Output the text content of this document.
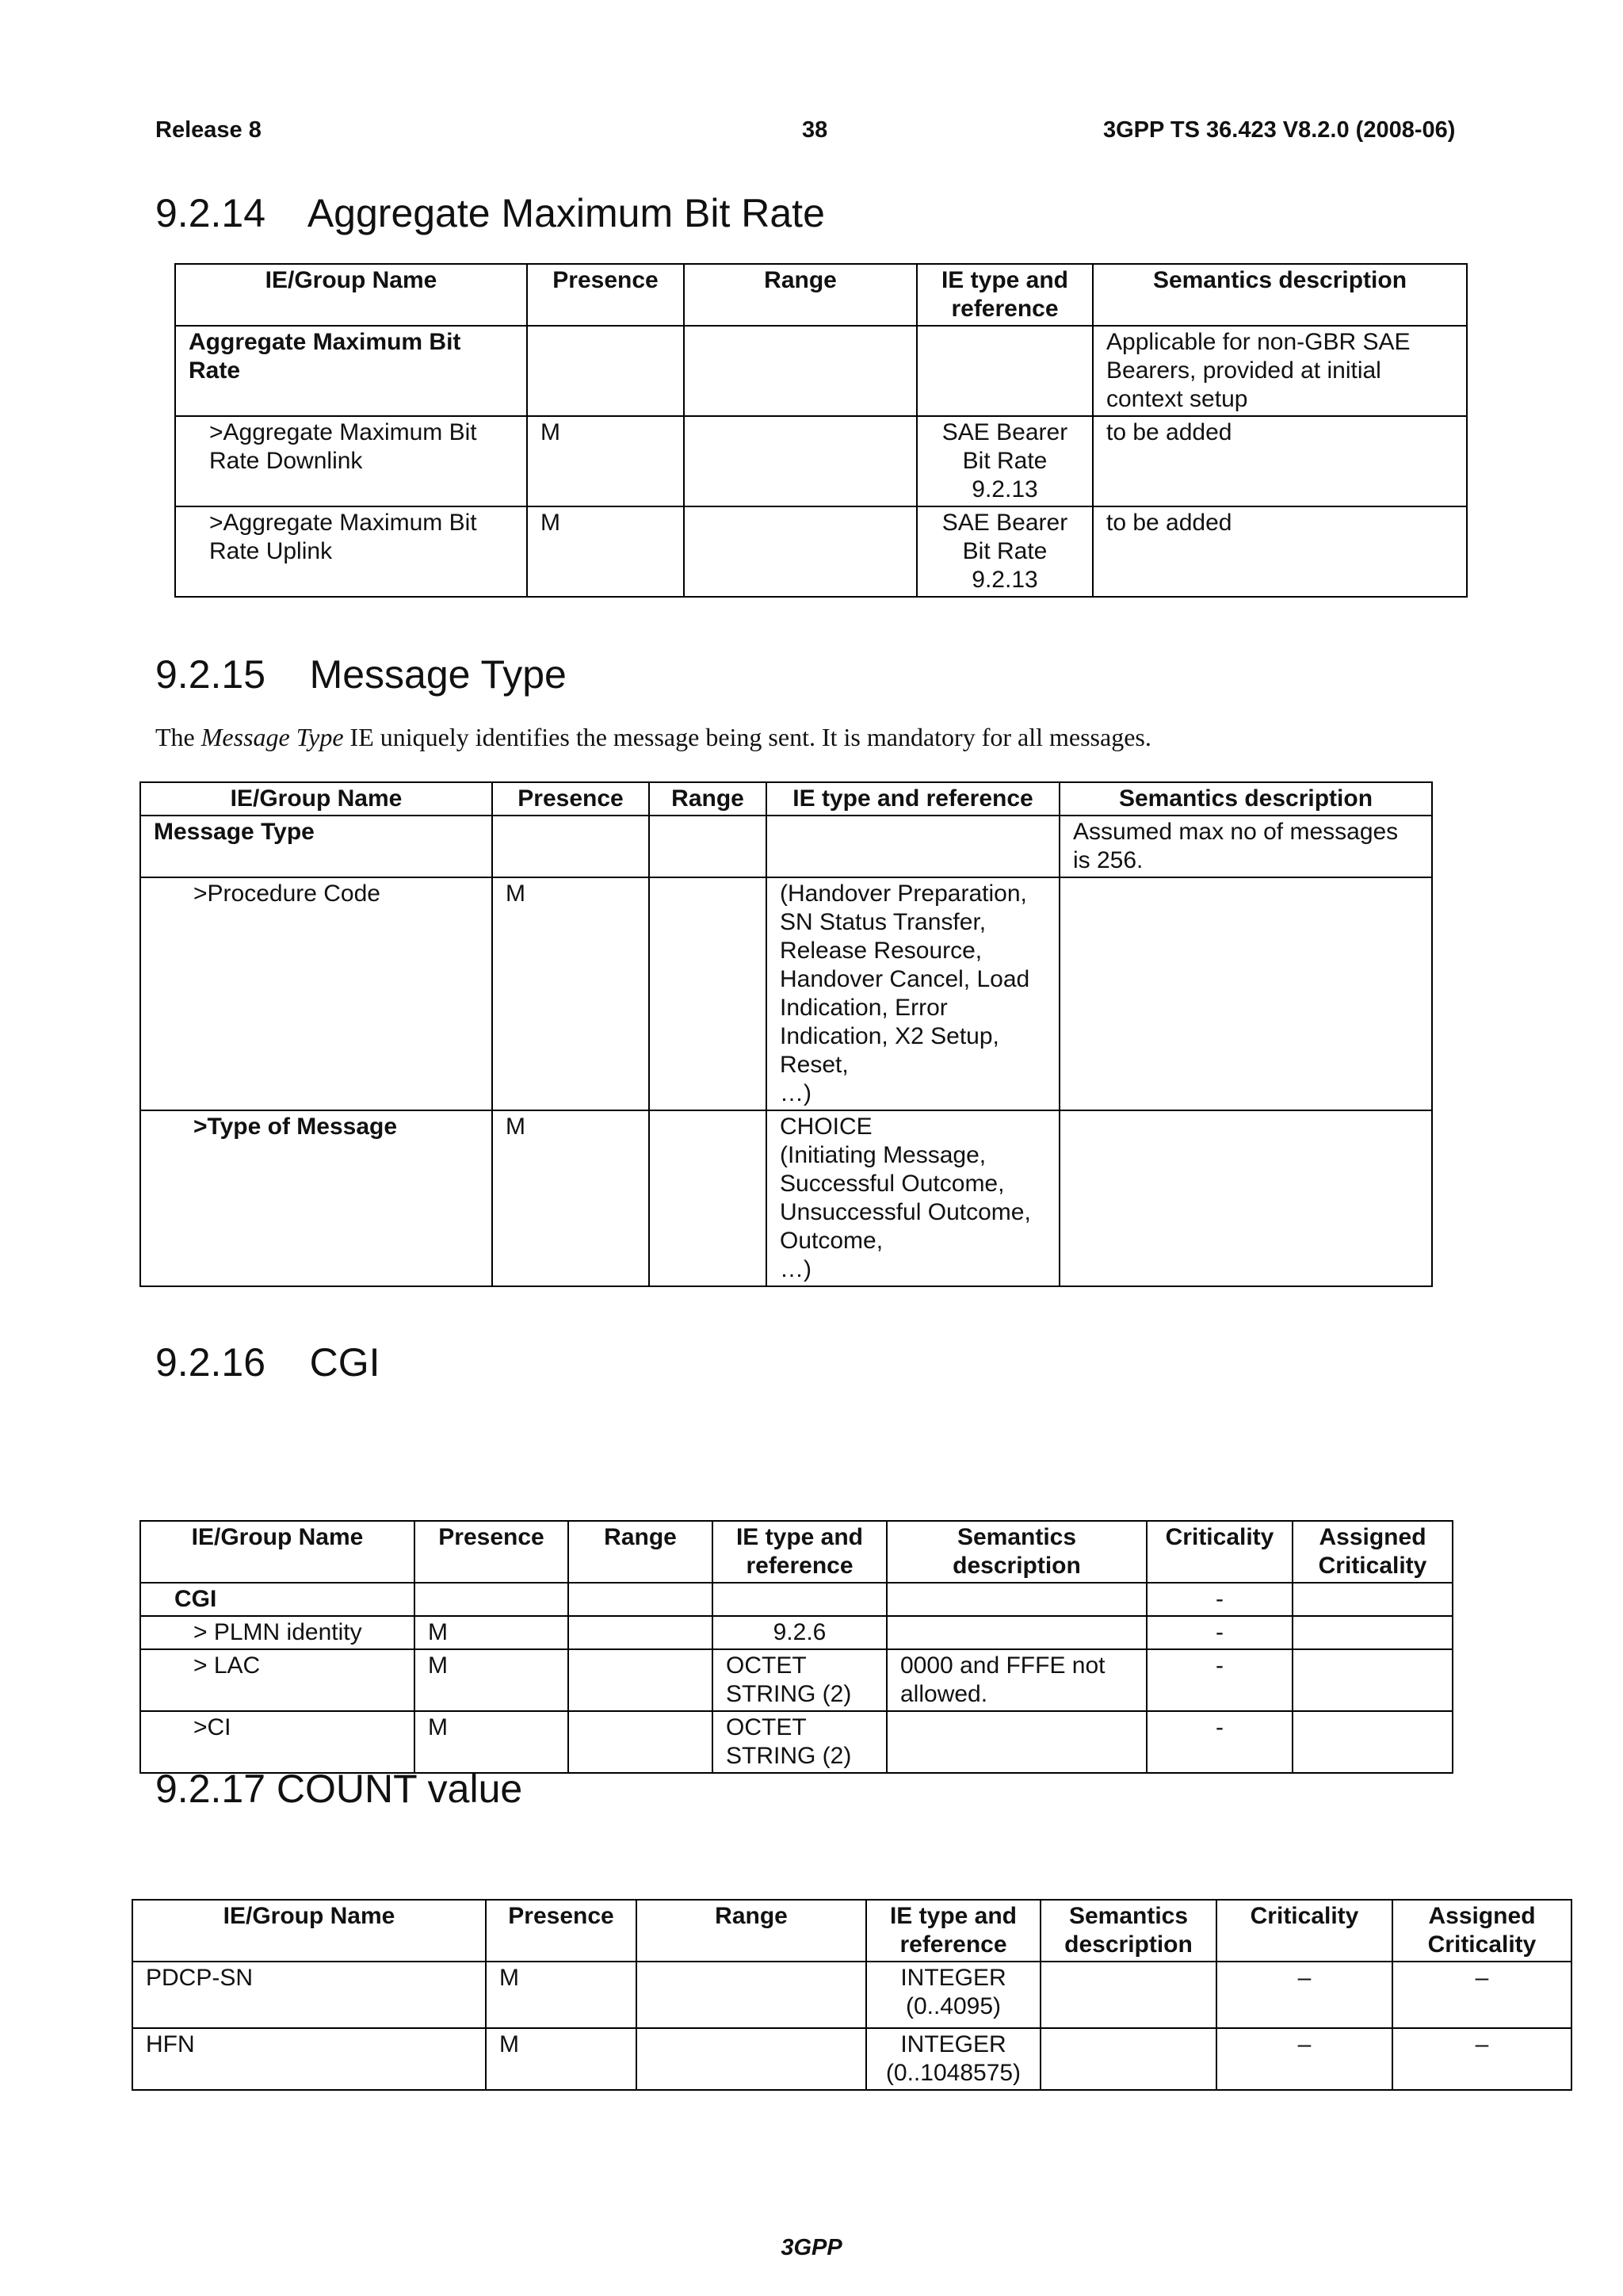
Release 8	38	3GPP TS 36.423 V8.2.0 (2008-06)
9.2.14 Aggregate Maximum Bit Rate
IE/Group Name	Presence	Range	IE type and reference	Semantics description
Aggregate Maximum Bit Rate				Applicable for non-GBR SAE Bearers, provided at initial context setup
>Aggregate Maximum Bit Rate Downlink	M		SAE Bearer Bit Rate 9.2.13	to be added
>Aggregate Maximum Bit Rate Uplink	M		SAE Bearer Bit Rate 9.2.13	to be added
9.2.15 Message Type
The Message Type IE uniquely identifies the message being sent. It is mandatory for all messages.
IE/Group Name	Presence	Range	IE type and reference	Semantics description
Message Type				Assumed max no of messages is 256.
>Procedure Code	M		(Handover Preparation, SN Status Transfer, Release Resource, Handover Cancel, Load Indication, Error Indication, X2 Setup, Reset,
…)	
>Type of Message	M		CHOICE
(Initiating Message, Successful Outcome, Unsuccessful Outcome, Outcome,
…)	
9.2.16 CGI
IE/Group Name	Presence	Range	IE type and reference	Semantics description	Criticality	Assigned Criticality
CGI					-	
> PLMN identity	M		9.2.6		-	
> LAC	M		OCTET STRING (2)	0000 and FFFE not allowed.	-	
>CI	M		OCTET STRING (2)		-	
9.2.17 COUNT value
IE/Group Name	Presence	Range	IE type and reference	Semantics description	Criticality	Assigned Criticality
PDCP-SN	M		INTEGER (0..4095)		–	–
HFN	M		INTEGER (0..1048575)		–	–
3GPP
